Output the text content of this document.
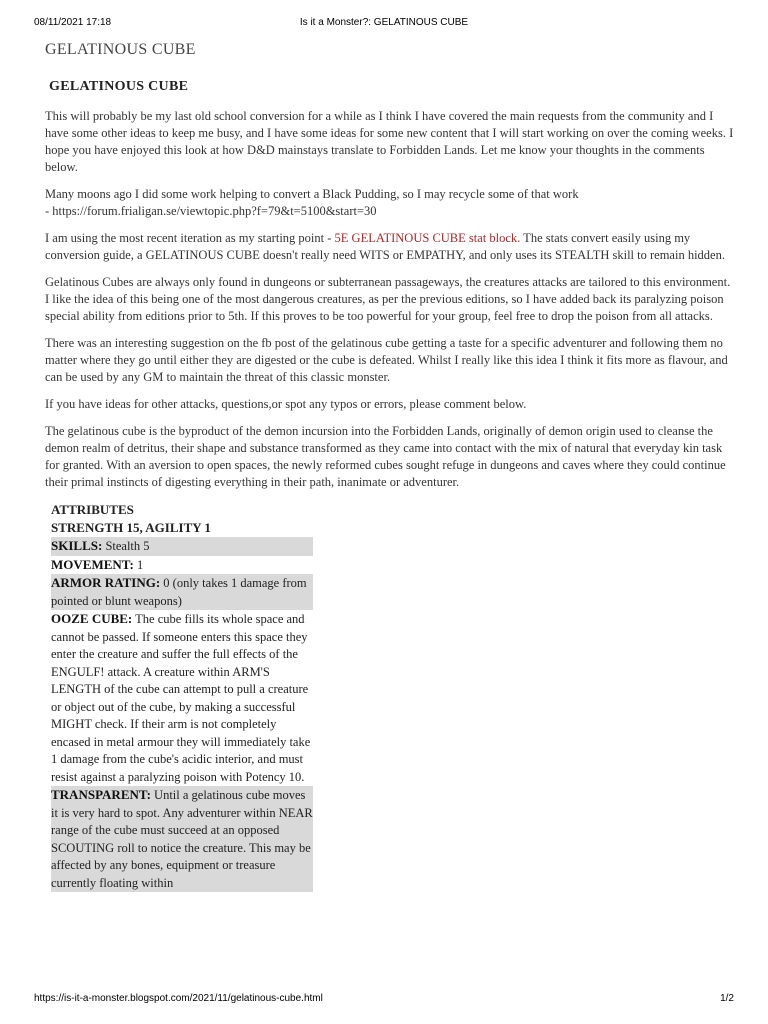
08/11/2021 17:18	Is it a Monster?: GELATINOUS CUBE
GELATINOUS CUBE
GELATINOUS CUBE

This will probably be my last old school conversion for a while as I think I have covered the main requests from the community and I have some other ideas to keep me busy, and I have some ideas for some new content that I will start working on over the coming weeks. I hope you have enjoyed this look at how D&D mainstays translate to Forbidden Lands. Let me know your thoughts in the comments below.

Many moons ago I did some work helping to convert a Black Pudding, so I may recycle some of that work
- https://forum.fria​ligan.se/viewtopic.php?f=79&t=5100&start=30

I am using the most recent iteration as my starting point - 5E GELATINOUS CUBE stat block. The stats convert easily using my conversion guide, a GELATINOUS CUBE doesn't really need WITS or EMPATHY, and only uses its STEALTH skill to remain hidden.

Gelatinous Cubes are always only found in dungeons or subterranean passageways, the creatures attacks are tailored to this environment. I like the idea of this being one of the most dangerous creatures, as per the previous editions, so I have added back its paralyzing poison special ability from editions prior to 5th. If this proves to be too powerful for your group, feel free to drop the poison from all attacks.

There was an interesting suggestion on the fb post of the gelatinous cube getting a taste for a specific adventurer and following them no matter where they go until either they are digested or the cube is defeated. Whilst I really like this idea I think it fits more as flavour, and can be used by any GM to maintain the threat of this classic monster.

If you have ideas for other attacks, questions,or spot any typos or errors, please comment below.

The gelatinous cube is the byproduct of the demon incursion into the Forbidden Lands, originally of demon origin used to cleanse the demon realm of detritus, their shape and substance transformed as they came into contact with the mix of natural that everyday kin task for granted. With an aversion to open spaces, the newly reformed cubes sought refuge in dungeons and caves where they could continue their primal instincts of digesting everything in their path, inanimate or adventurer.

ATTRIBUTES
STRENGTH 15, AGILITY 1
SKILLS: Stealth 5
MOVEMENT: 1
ARMOR RATING: 0 (only takes 1 damage from pointed or blunt weapons)
OOZE CUBE: The cube fills its whole space and cannot be passed. If someone enters this space they enter the creature and suffer the full effects of the ENGULF! attack. A creature within ARM'S LENGTH of the cube can attempt to pull a creature or object out of the cube, by making a successful MIGHT check. If their arm is not completely encased in metal armour they will immediately take 1 damage from the cube's acidic interior, and must resist against a paralyzing poison with Potency 10.
TRANSPARENT: Until a gelatinous cube moves it is very hard to spot. Any adventurer within NEAR range of the cube must succeed at an opposed SCOUTING roll to notice the creature. This may be affected by any bones, equipment or treasure currently floating within
https://is-it-a-monster.blogspot.com/2021/11/gelatinous-cube.html	1/2
